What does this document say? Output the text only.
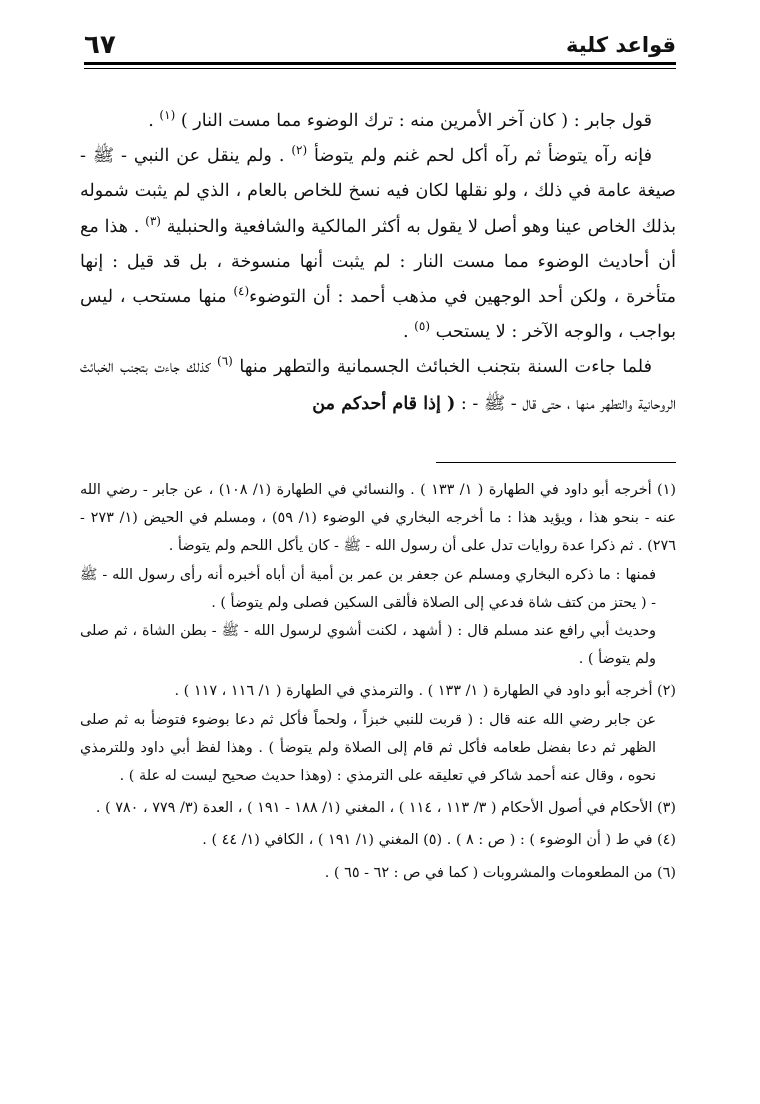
قواعد كلية
٦٧

قول جابر : ( كان آخر الأمرين منه : ترك الوضوء مما مست النار ) $^{(١)}$ .

فإنه رآه يتوضأ ثم رآه أكل لحم غنم ولم يتوضأ $^{(٢)}$ . ولم ينقل عن النبي - ﷺ - صيغة عامة في ذلك ، ولو نقلها لكان فيه نسخ للخاص بالعام ، الذي لم يثبت شموله بذلك الخاص عينا وهو أصل لا يقول به أكثر المالكية والشافعية والحنبلية $^{(٣)}$ . هذا مع أن أحاديث الوضوء مما مست النار : لم يثبت أنها منسوخة ، بل قد قيل : إنها متأخرة ، ولكن أحد الوجهين في مذهب أحمد : أن التوضوء$^{(٤)}$ منها مستحب ، ليس بواجب ، والوجه الآخر : لا يستحب $^{(٥)}$ .

فلما جاءت السنة بتجنب الخبائث الجسمانية والتطهر منها $^{(٦)}$ كذلك جاءت بتجنب الخبائث الروحانية والتطهر منها ، حتى قال - ﷺ - : ( إذا قام أحدكم من

(١) أخرجه أبو داود في الطهارة ( ١/ ١٣٣ ) . والنسائي في الطهارة (١/ ١٠٨) ، عن جابر - رضي الله عنه - بنحو هذا ، ويؤيد هذا : ما أخرجه البخاري في الوضوء (١/ ٥٩) ، ومسلم في الحيض (١/ ٢٧٣ - ٢٧٦) . ثم ذكرا عدة روايات تدل على أن رسول الله - ﷺ - كان يأكل اللحم ولم يتوضأ .

فمنها : ما ذكره البخاري ومسلم عن جعفر بن عمر بن أمية أن أباه أخبره أنه رأى رسول الله - ﷺ - ( يحتز من كتف شاة فدعي إلى الصلاة فألقى السكين فصلى ولم يتوضأ ) .

وحديث أبي رافع عند مسلم قال : ( أشهد ، لكنت أشوي لرسول الله - ﷺ - بطن الشاة ، ثم صلى ولم يتوضأ ) .

(٢) أخرجه أبو داود في الطهارة ( ١/ ١٣٣ ) . والترمذي في الطهارة ( ١/ ١١٦ ، ١١٧ ) .

عن جابر رضي الله عنه قال : ( قربت للنبي خبزاً ، ولحماً فأكل ثم دعا بوضوء فتوضأ به ثم صلى الظهر ثم دعا بفضل طعامه فأكل ثم قام إلى الصلاة ولم يتوضأ ) . وهذا لفظ أبي داود وللترمذي نحوه ، وقال عنه أحمد شاكر في تعليقه على الترمذي : (وهذا حديث صحيح ليست له علة ) .

(٣) الأحكام في أصول الأحكام ( ٣/ ١١٣ ، ١١٤ ) ، المغني (١/ ١٨٨ - ١٩١ ) ، العدة (٣/ ٧٧٩ ، ٧٨٠ ) .

(٤) في ط ( أن الوضوء ) : ( ص : ٨ ) . (٥) المغني (١/ ١٩١ ) ، الكافي (١/ ٤٤ ) .

(٦) من المطعومات والمشروبات ( كما في ص : ٦٢ - ٦٥ ) .
